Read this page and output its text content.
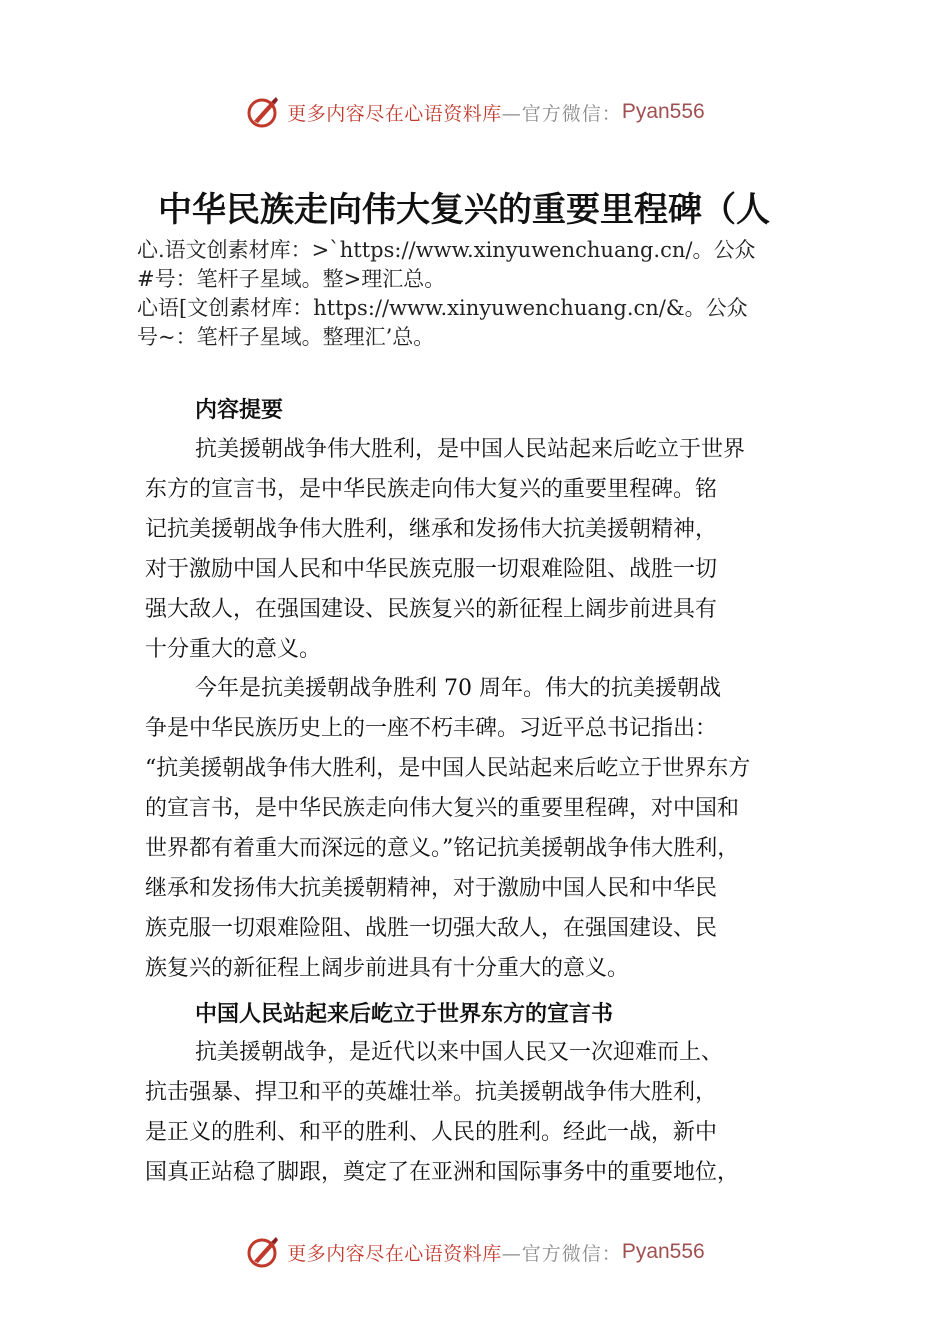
更多内容尽在心语资料库 —官方微信： Pyan556
中华民族走向伟大复兴的重要里程碑（人
心.语文创素材库：>`https://www.xinyuwenchuang.cn/。公众
#号：笔杆子星域。整>理汇总。
心语[文创素材库：https://www.xinyuwenchuang.cn/&。公众
号~：笔杆子星域。整理汇’总。
内容提要
抗美援朝战争伟大胜利，是中国人民站起来后屹立于世界
东方的宣言书，是中华民族走向伟大复兴的重要里程碑。铭
记抗美援朝战争伟大胜利，继承和发扬伟大抗美援朝精神，
对于激励中国人民和中华民族克服一切艰难险阻、战胜一切
强大敌人，在强国建设、民族复兴的新征程上阔步前进具有
十分重大的意义。
今年是抗美援朝战争胜利 70 周年。伟大的抗美援朝战
争是中华民族历史上的一座不朽丰碑。习近平总书记指出：
“抗美援朝战争伟大胜利，是中国人民站起来后屹立于世界东方
的宣言书，是中华民族走向伟大复兴的重要里程碑，对中国和
世界都有着重大而深远的意义。”铭记抗美援朝战争伟大胜利，
继承和发扬伟大抗美援朝精神，对于激励中国人民和中华民
族克服一切艰难险阻、战胜一切强大敌人，在强国建设、民
族复兴的新征程上阔步前进具有十分重大的意义。
中国人民站起来后屹立于世界东方的宣言书
抗美援朝战争，是近代以来中国人民又一次迎难而上、
抗击强暴、捍卫和平的英雄壮举。抗美援朝战争伟大胜利，
是正义的胜利、和平的胜利、人民的胜利。经此一战，新中
国真正站稳了脚跟，奠定了在亚洲和国际事务中的重要地位，
更多内容尽在心语资料库 —官方微信： Pyan556
